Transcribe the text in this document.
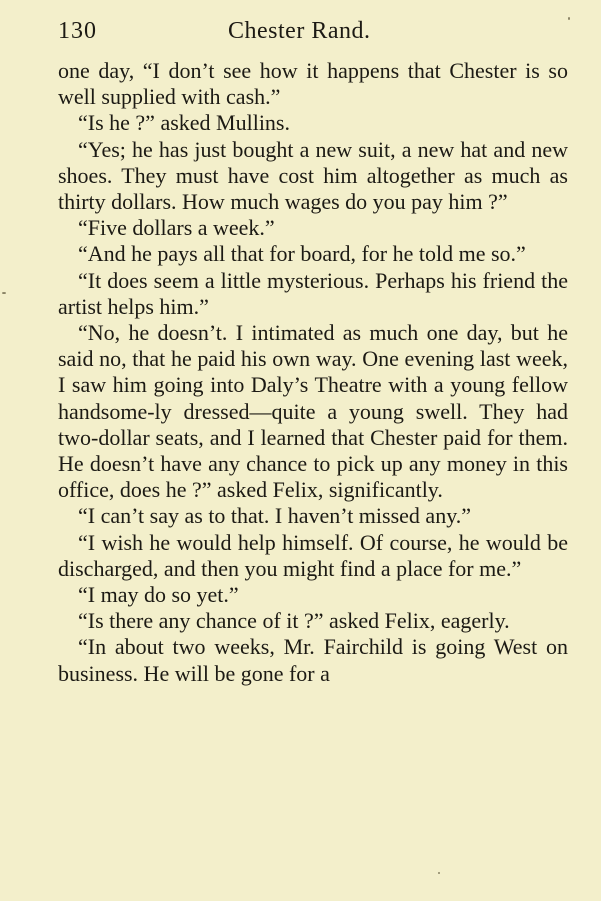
130	Chester Rand.

one day, “I don’t see how it happens that Chester is so well supplied with cash.”

“Is he ?” asked Mullins.

“Yes; he has just bought a new suit, a new hat and new shoes. They must have cost him altogether as much as thirty dollars. How much wages do you pay him ?”

“Five dollars a week.”

“And he pays all that for board, for he told me so.”

“It does seem a little mysterious. Perhaps his friend the artist helps him.”

“No, he doesn’t. I intimated as much one day, but he said no, that he paid his own way. One evening last week, I saw him going into Daly’s Theatre with a young fellow handsome-ly dressed—quite a young swell. They had two-dollar seats, and I learned that Chester paid for them. He doesn’t have any chance to pick up any money in this office, does he ?” asked Felix, significantly.

“I can’t say as to that. I haven’t missed any.”

“I wish he would help himself. Of course, he would be discharged, and then you might find a place for me.”

“I may do so yet.”

“Is there any chance of it ?” asked Felix, eagerly.

“In about two weeks, Mr. Fairchild is going West on business. He will be gone for a
